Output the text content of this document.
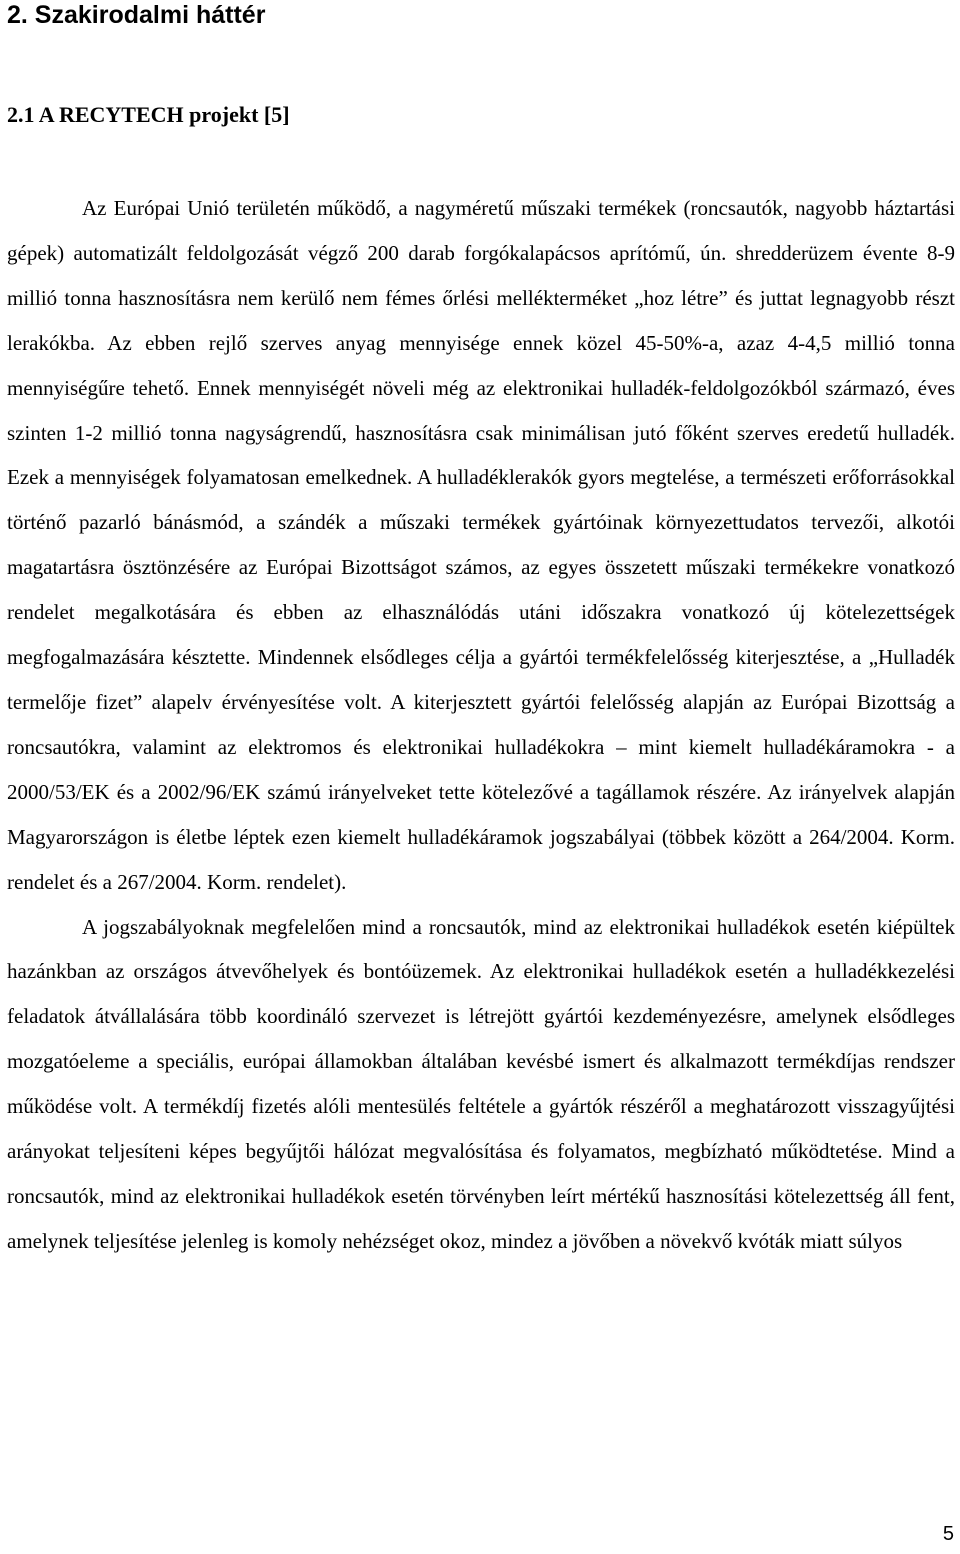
2. Szakirodalmi háttér
2.1 A RECYTECH projekt [5]

Az Európai Unió területén működő, a nagyméretű műszaki termékek (roncsautók, nagyobb háztartási gépek) automatizált feldolgozását végző 200 darab forgókalapácsos aprítómű, ún. shredderüzem évente 8-9 millió tonna hasznosításra nem kerülő nem fémes őrlési mellékterméket „hoz létre” és juttat legnagyobb részt lerakókba. Az ebben rejlő szerves anyag mennyisége ennek közel 45-50%-a, azaz 4-4,5 millió tonna mennyiségűre tehető. Ennek mennyiségét növeli még az elektronikai hulladék-feldolgozókból származó, éves szinten 1-2 millió tonna nagyságrendű, hasznosításra csak minimálisan jutó főként szerves eredetű hulladék. Ezek a mennyiségek folyamatosan emelkednek. A hulladéklerakók gyors megtelése, a természeti erőforrásokkal történő pazarló bánásmód, a szándék a műszaki termékek gyártóinak környezettudatos tervezői, alkotói magatartásra ösztönzésére az Európai Bizottságot számos, az egyes összetett műszaki termékekre vonatkozó rendelet megalkotására és ebben az elhasználódás utáni időszakra vonatkozó új kötelezettségek megfogalmazására késztette. Mindennek elsődleges célja a gyártói termékfelelősség kiterjesztése, a „Hulladék termelője fizet” alapelv érvényesítése volt. A kiterjesztett gyártói felelősség alapján az Európai Bizottság a roncsautókra, valamint az elektromos és elektronikai hulladékokra – mint kiemelt hulladékáramokra - a 2000/53/EK és a 2002/96/EK számú irányelveket tette kötelezővé a tagállamok részére. Az irányelvek alapján Magyarországon is életbe léptek ezen kiemelt hulladékáramok jogszabályai (többek között a 264/2004. Korm. rendelet és a 267/2004. Korm. rendelet).

A jogszabályoknak megfelelően mind a roncsautók, mind az elektronikai hulladékok esetén kiépültek hazánkban az országos átvevőhelyek és bontóüzemek. Az elektronikai hulladékok esetén a hulladékkezelési feladatok átvállalására több koordináló szervezet is létrejött gyártói kezdeményezésre, amelynek elsődleges mozgatóeleme a speciális, európai államokban általában kevésbé ismert és alkalmazott termékdíjas rendszer működése volt. A termékdíj fizetés alóli mentesülés feltétele a gyártók részéről a meghatározott visszagyűjtési arányokat teljesíteni képes begyűjtői hálózat megvalósítása és folyamatos, megbízható működtetése. Mind a roncsautók, mind az elektronikai hulladékok esetén törvényben leírt mértékű hasznosítási kötelezettség áll fent, amelynek teljesítése jelenleg is komoly nehézséget okoz, mindez a jövőben a növekvő kvóták miatt súlyos

5
